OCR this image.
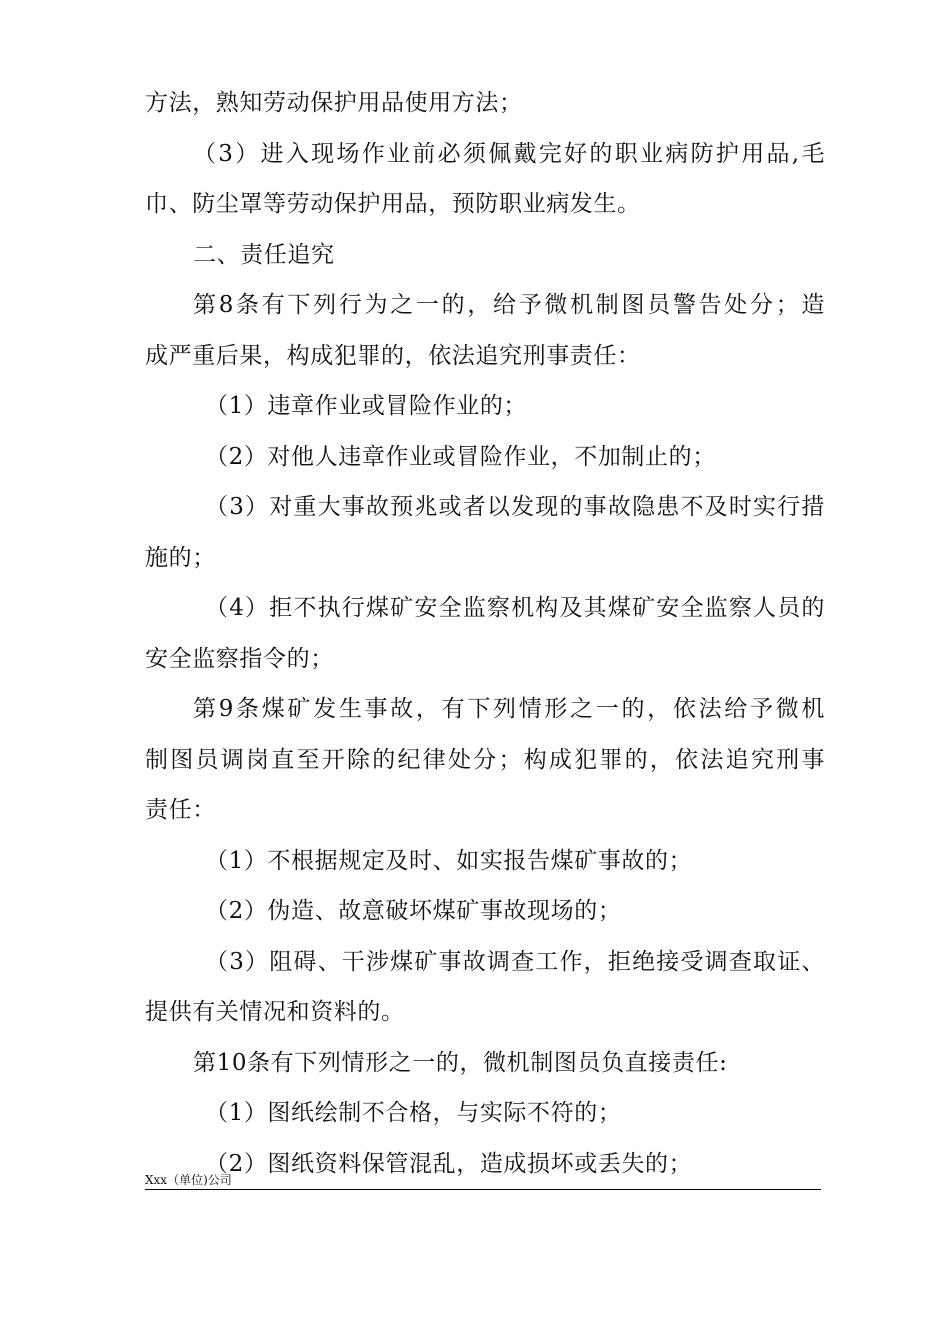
方法，熟知劳动保护用品使用方法；
（3）进入现场作业前必须佩戴完好的职业病防护用品,毛
巾、防尘罩等劳动保护用品，预防职业病发生。
二、责任追究
第8条有下列行为之一的，给予微机制图员警告处分；造
成严重后果，构成犯罪的，依法追究刑事责任：
（1）违章作业或冒险作业的；
（2）对他人违章作业或冒险作业，不加制止的；
（3）对重大事故预兆或者以发现的事故隐患不及时实行措
施的；
（4）拒不执行煤矿安全监察机构及其煤矿安全监察人员的
安全监察指令的；
第9条煤矿发生事故，有下列情形之一的，依法给予微机
制图员调岗直至开除的纪律处分；构成犯罪的，依法追究刑事
责任：
（1）不根据规定及时、如实报告煤矿事故的；
（2）伪造、故意破坏煤矿事故现场的；
（3）阻碍、干涉煤矿事故调查工作，拒绝接受调查取证、
提供有关情况和资料的。
第10条有下列情形之一的，微机制图员负直接责任:
（1）图纸绘制不合格，与实际不符的；
（2）图纸资料保管混乱，造成损坏或丢失的；
Xxx（单位)公司
